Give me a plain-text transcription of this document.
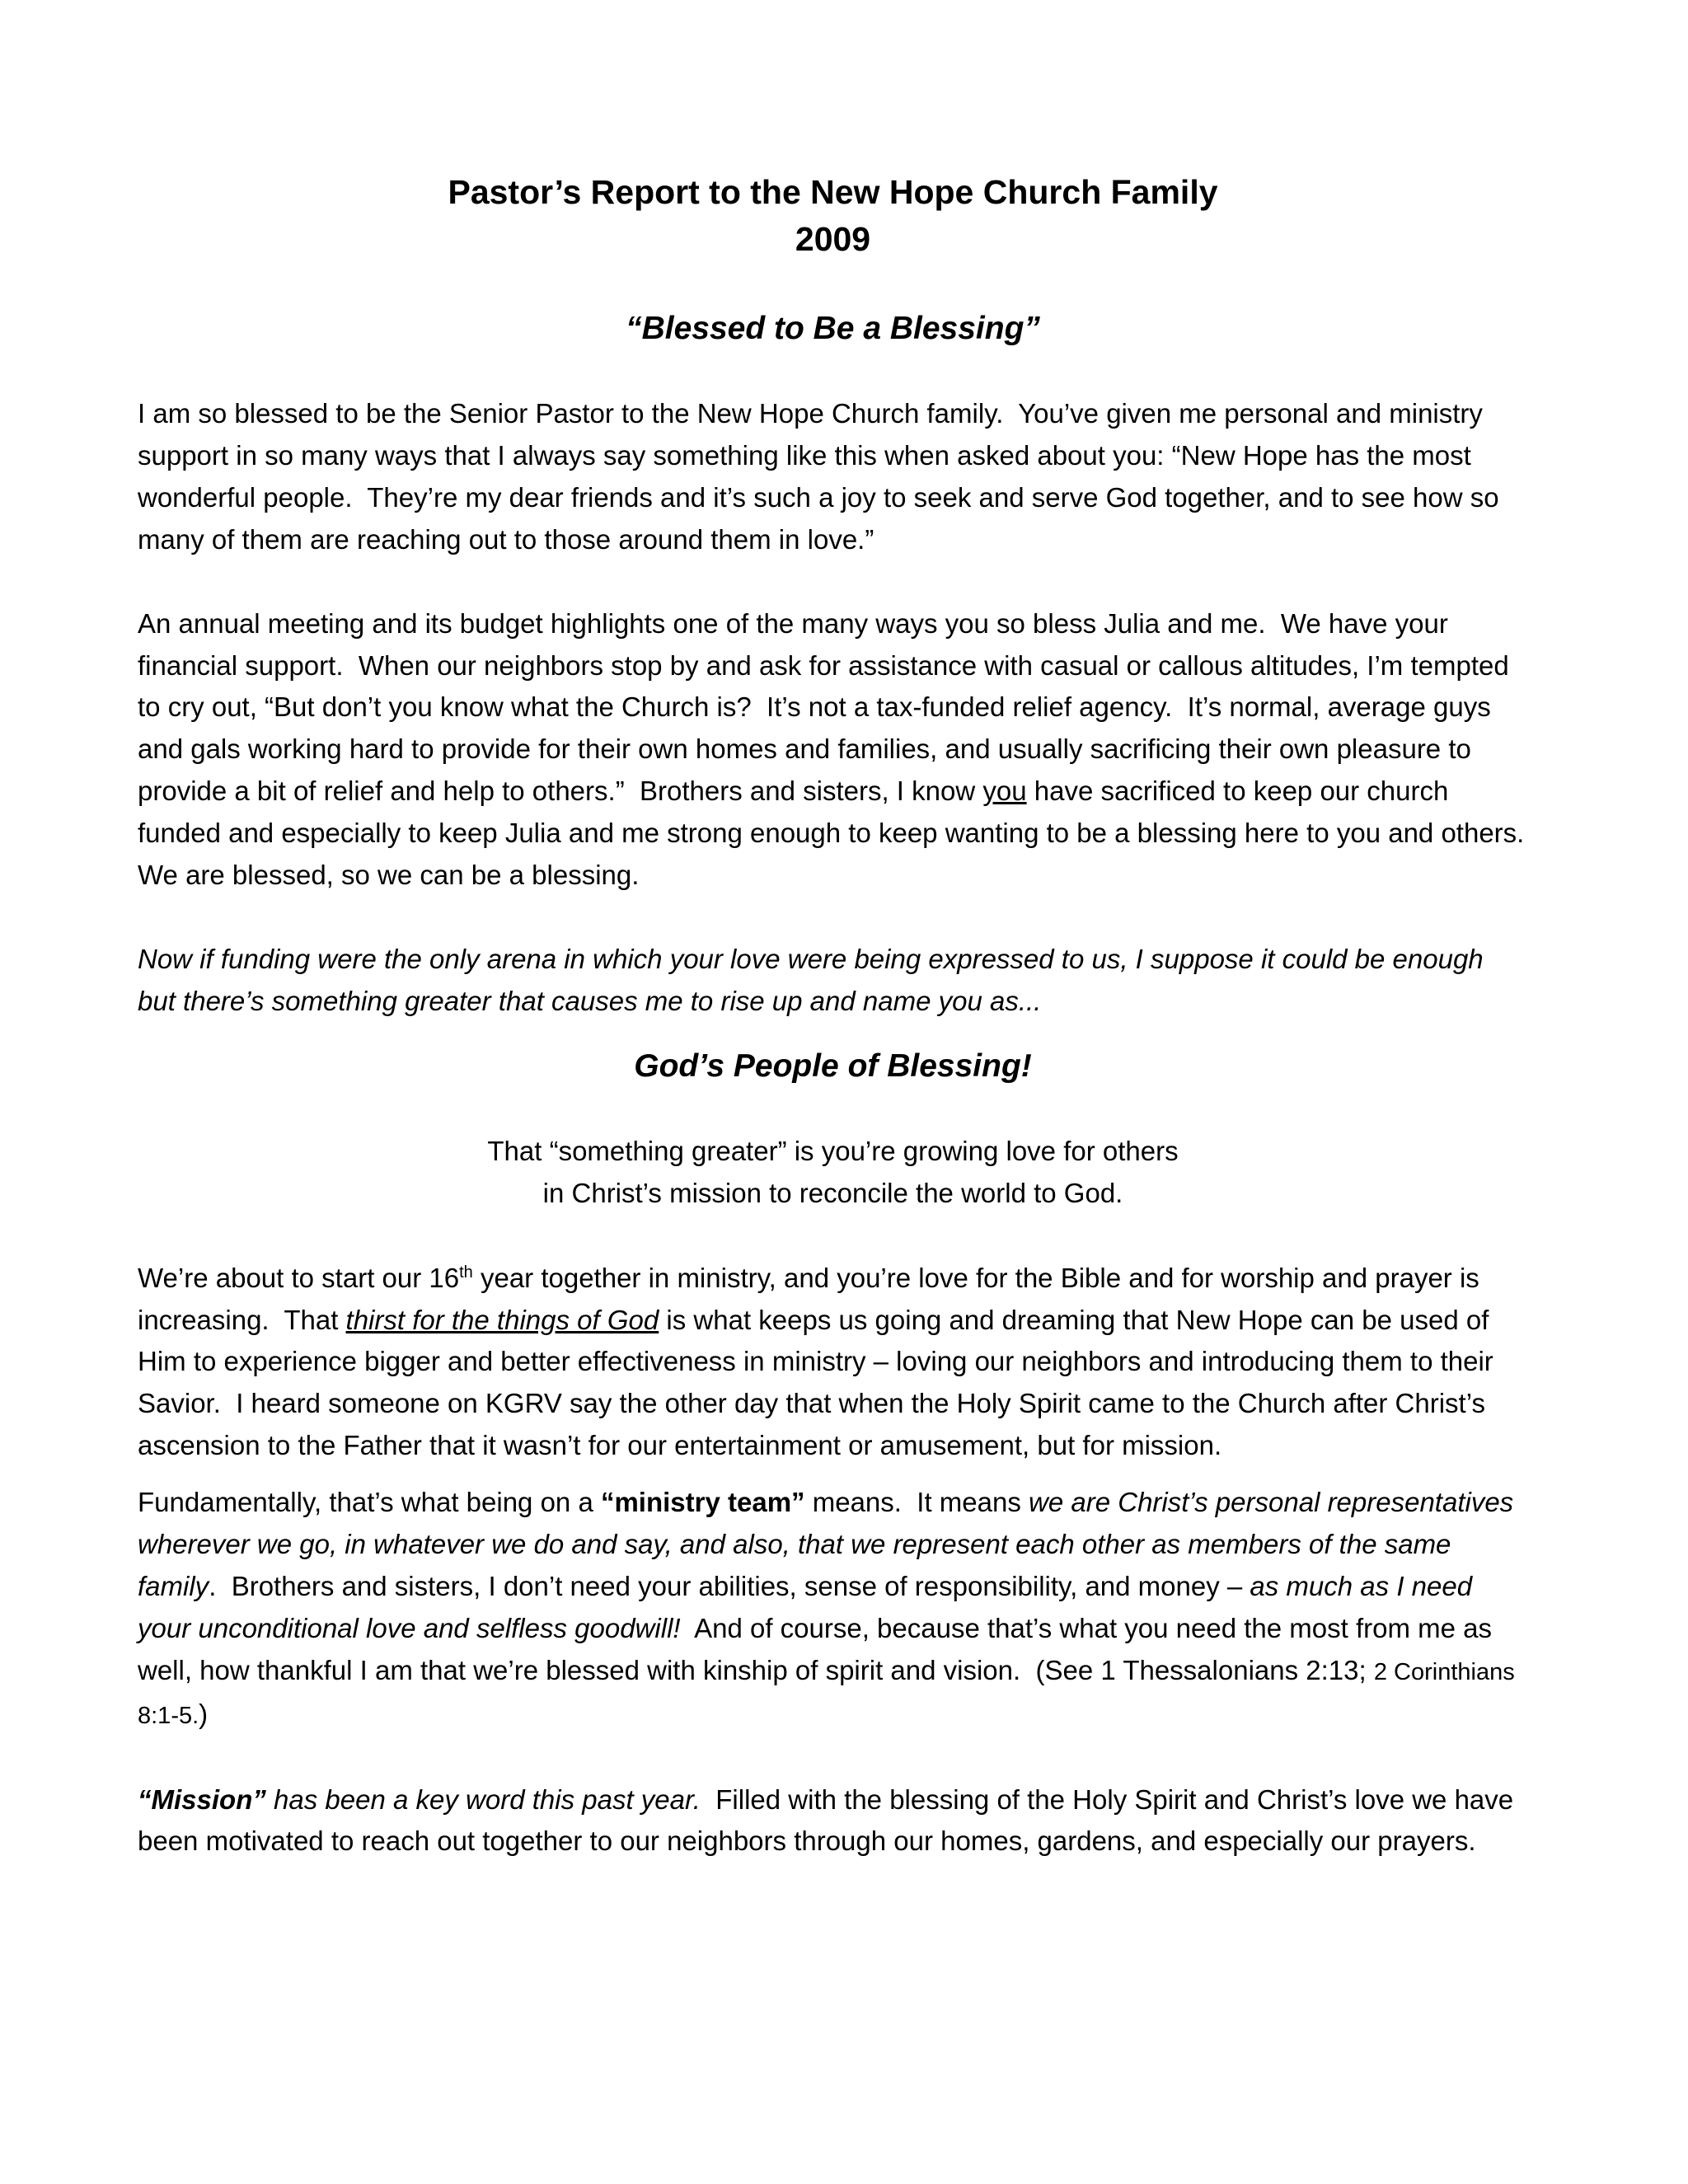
Pastor’s Report to the New Hope Church Family
2009
“Blessed to Be a Blessing”

I am so blessed to be the Senior Pastor to the New Hope Church family.  You’ve given me personal and ministry support in so many ways that I always say something like this when asked about you: “New Hope has the most wonderful people.  They’re my dear friends and it’s such a joy to seek and serve God together, and to see how so many of them are reaching out to those around them in love.”

An annual meeting and its budget highlights one of the many ways you so bless Julia and me.  We have your financial support.  When our neighbors stop by and ask for assistance with casual or callous altitudes, I’m tempted to cry out, “But don’t you know what the Church is?  It’s not a tax-funded relief agency.  It’s normal, average guys and gals working hard to provide for their own homes and families, and usually sacrificing their own pleasure to provide a bit of relief and help to others.”  Brothers and sisters, I know you have sacrificed to keep our church funded and especially to keep Julia and me strong enough to keep wanting to be a blessing here to you and others.  We are blessed, so we can be a blessing.

Now if funding were the only arena in which your love were being expressed to us, I suppose it could be enough but there’s something greater that causes me to rise up and name you as...

God’s People of Blessing!
That “something greater” is you’re growing love for others
in Christ’s mission to reconcile the world to God.

We’re about to start our 16th year together in ministry, and you’re love for the Bible and for worship and prayer is increasing.  That thirst for the things of God is what keeps us going and dreaming that New Hope can be used of Him to experience bigger and better effectiveness in ministry – loving our neighbors and introducing them to their Savior.  I heard someone on KGRV say the other day that when the Holy Spirit came to the Church after Christ’s ascension to the Father that it wasn’t for our entertainment or amusement, but for mission.

Fundamentally, that’s what being on a “ministry team” means.  It means we are Christ’s personal representatives wherever we go, in whatever we do and say, and also, that we represent each other as members of the same family.  Brothers and sisters, I don’t need your abilities, sense of responsibility, and money – as much as I need your unconditional love and selfless goodwill!  And of course, because that’s what you need the most from me as well, how thankful I am that we’re blessed with kinship of spirit and vision.  (See 1 Thessalonians 2:13; 2 Corinthians 8:1-5.)

“Mission” has been a key word this past year.  Filled with the blessing of the Holy Spirit and Christ’s love we have been motivated to reach out together to our neighbors through our homes, gardens, and especially our prayers.
